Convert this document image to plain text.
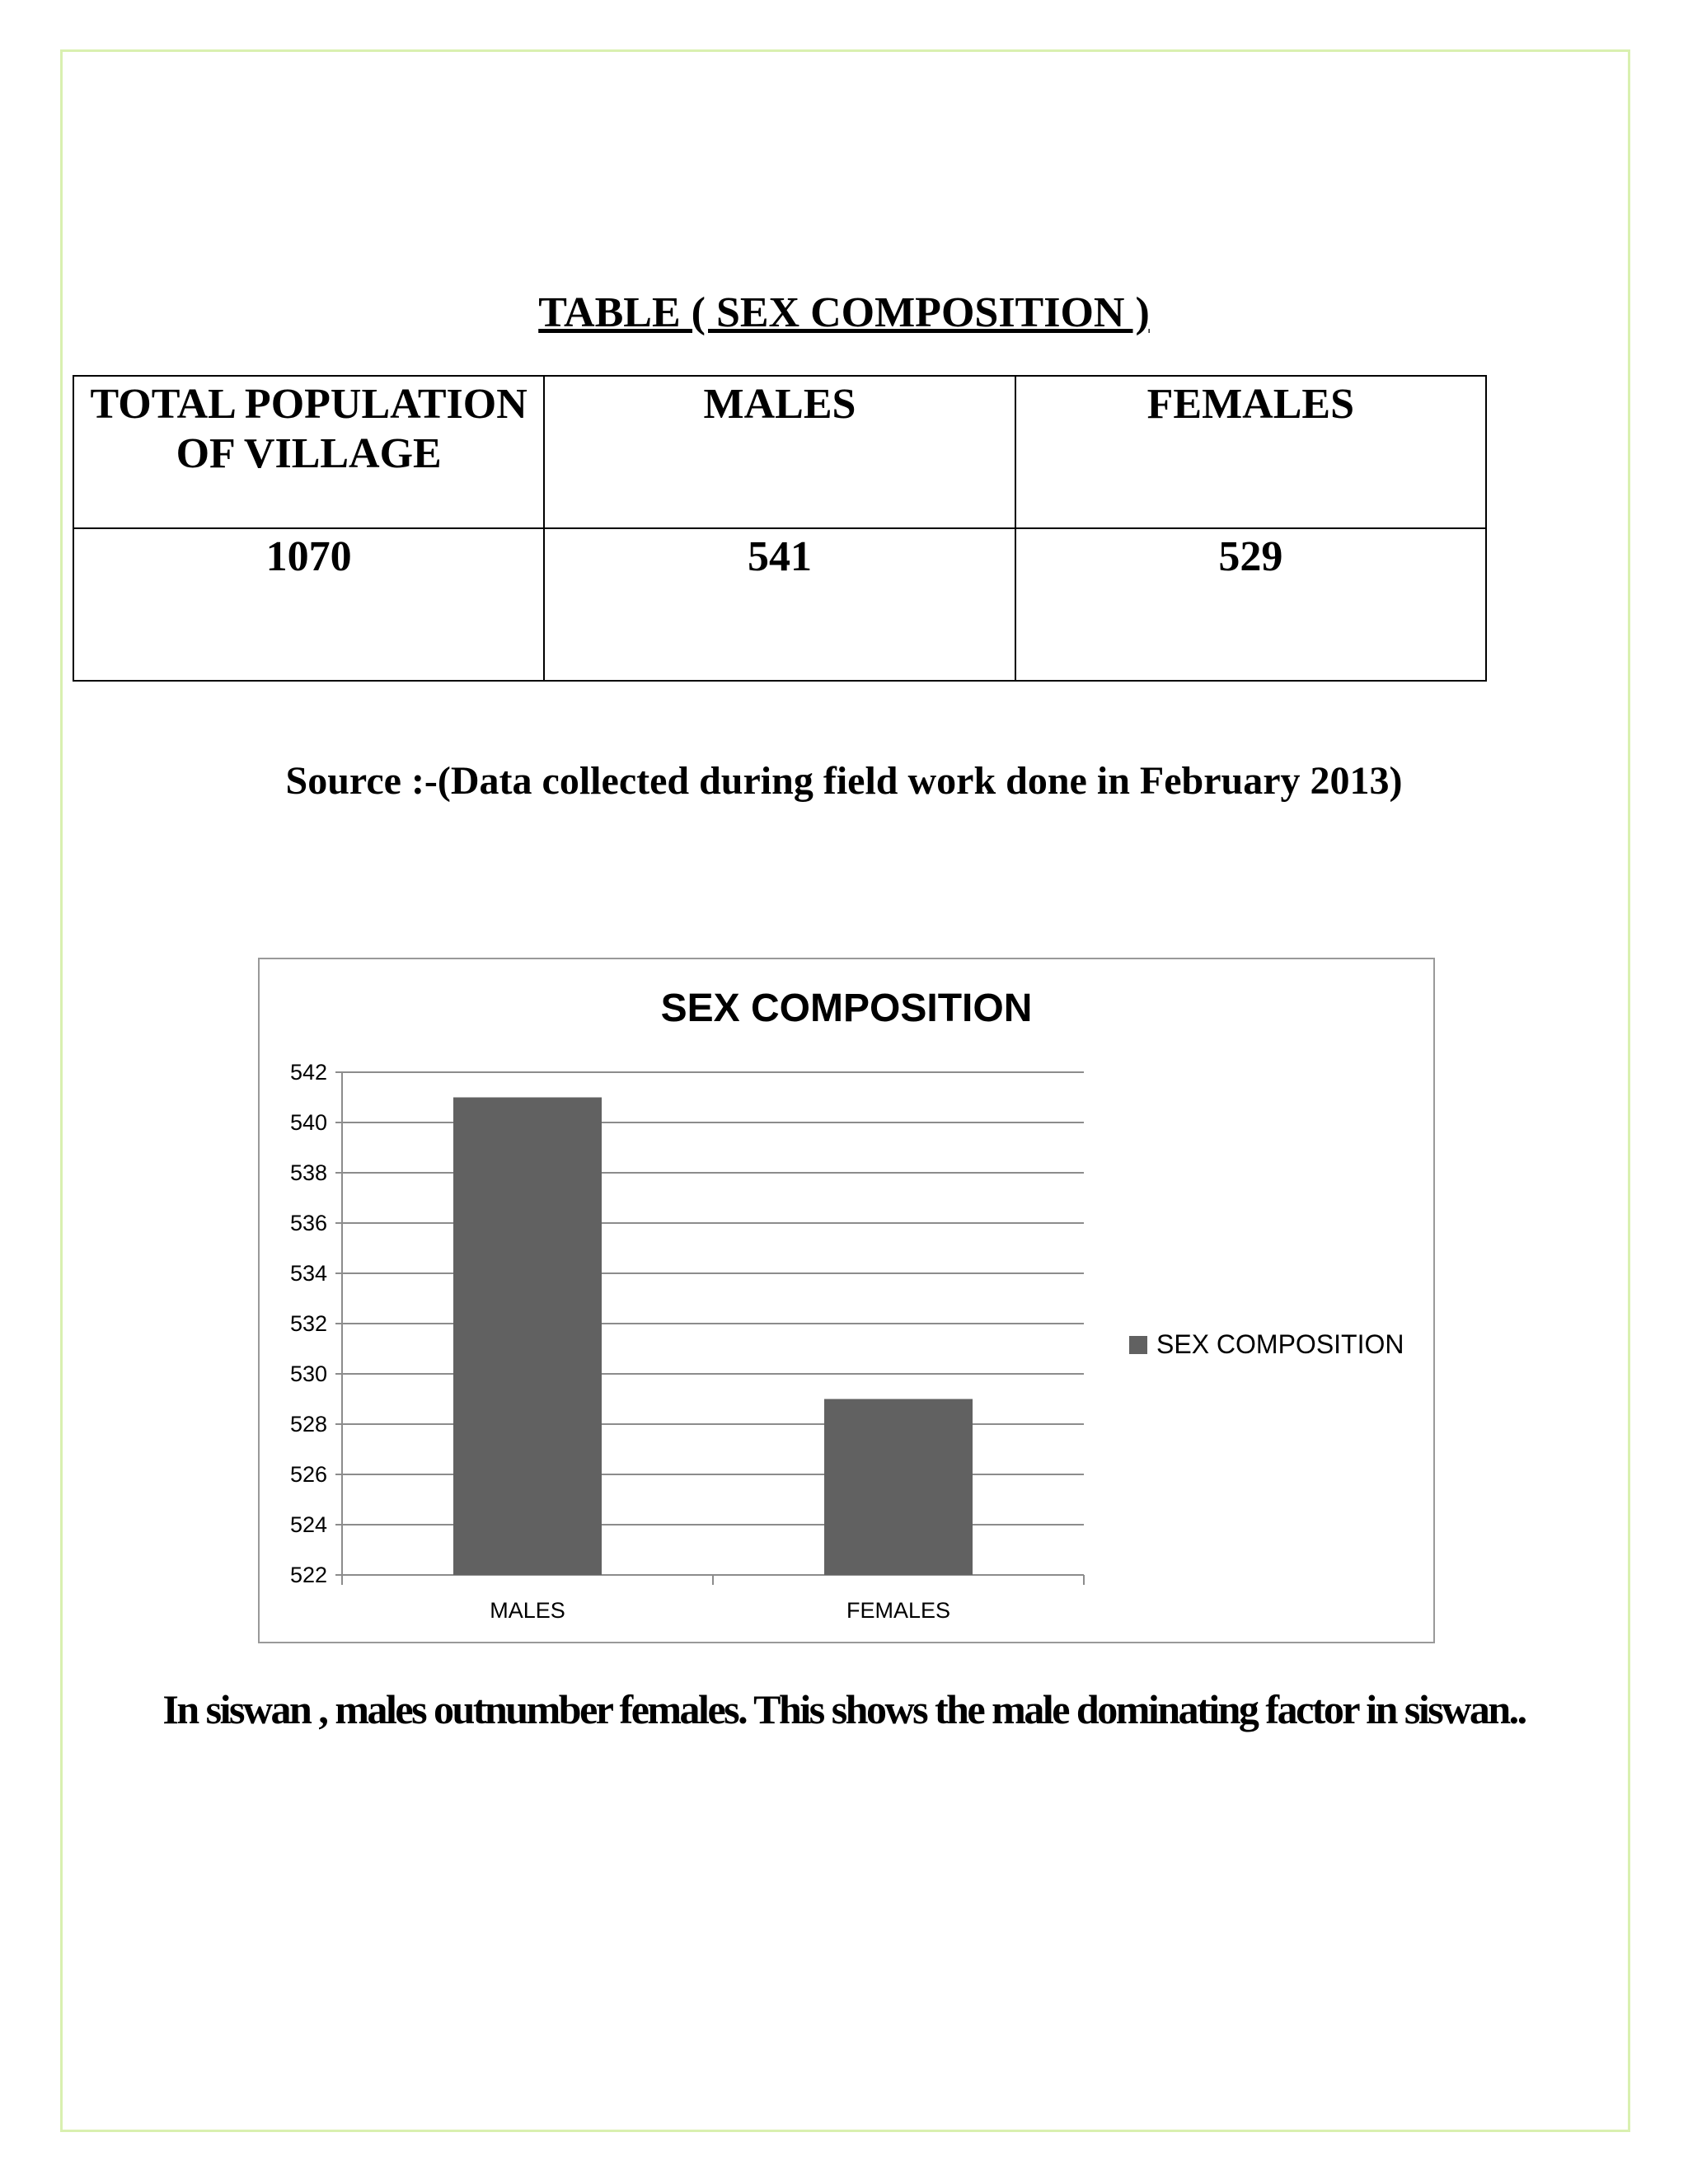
TABLE ( SEX COMPOSITION )
TOTAL POPULATION OF VILLAGE	MALES	FEMALES
1070	541	529
Source :-(Data collected during field work done in February 2013)
SEX COMPOSITION
522
524
526
528
530
532
534
536
538
540
542
MALES	FEMALES
SEX COMPOSITION
In siswan , males outnumber females. This shows the male dominating factor in siswan..
